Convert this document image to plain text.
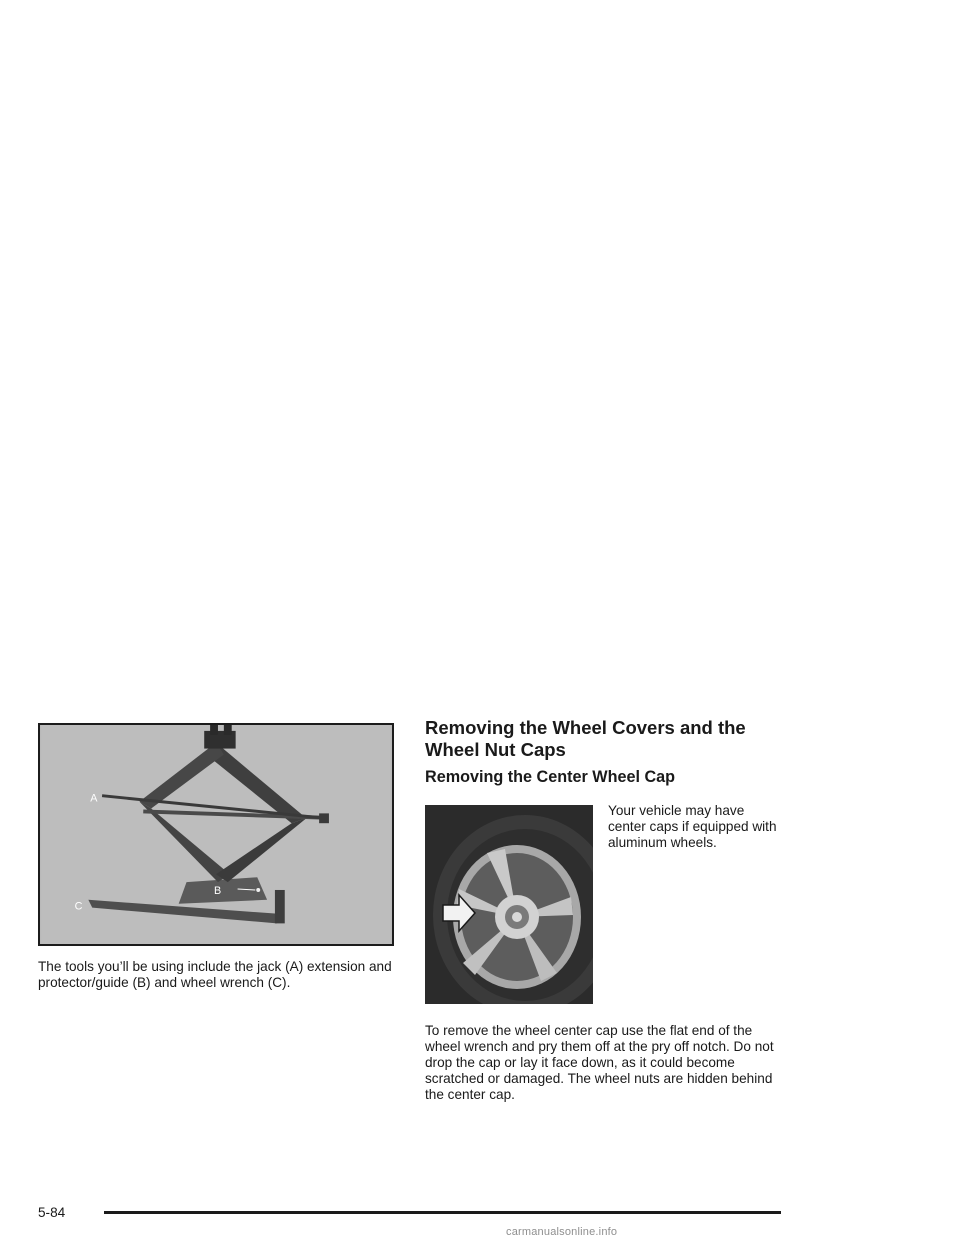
A
B
C

The tools you’ll be using include the jack (A) extension and protector/guide (B) and wheel wrench (C).

Removing the Wheel Covers and the Wheel Nut Caps
Removing the Center Wheel Cap

Your vehicle may have center caps if equipped with aluminum wheels.

To remove the wheel center cap use the flat end of the wheel wrench and pry them off at the pry off notch. Do not drop the cap or lay it face down, as it could become scratched or damaged. The wheel nuts are hidden behind the center cap.

5-84

carmanualsonline.info
